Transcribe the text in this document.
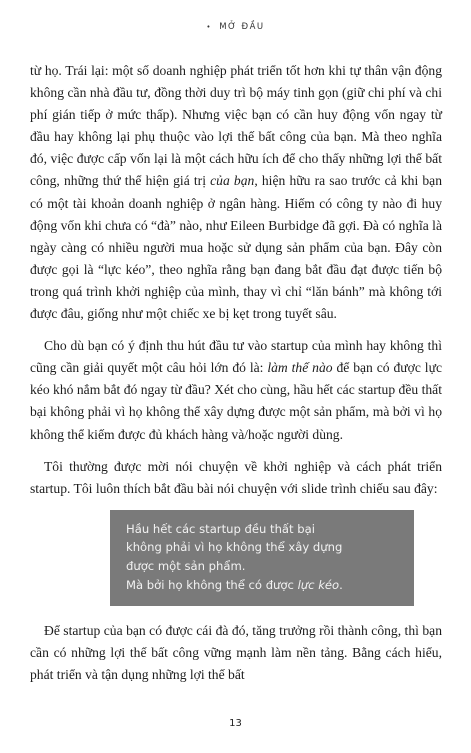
• MỞ ĐẦU

từ họ. Trái lại: một số doanh nghiệp phát triển tốt hơn khi tự thân vận động không cần nhà đầu tư, đồng thời duy trì bộ máy tinh gọn (giữ chi phí và chi phí gián tiếp ở mức thấp). Nhưng việc bạn có cần huy động vốn ngay từ đầu hay không lại phụ thuộc vào lợi thế bất công của bạn. Mà theo nghĩa đó, việc được cấp vốn lại là một cách hữu ích để cho thấy những lợi thế bất công, những thứ thể hiện giá trị của bạn, hiện hữu ra sao trước cả khi bạn có một tài khoản doanh nghiệp ở ngân hàng. Hiếm có công ty nào đi huy động vốn khi chưa có “đà” nào, như Eileen Burbidge đã gợi. Đà có nghĩa là ngày càng có nhiều người mua hoặc sử dụng sản phẩm của bạn. Đây còn được gọi là “lực kéo”, theo nghĩa rằng bạn đang bắt đầu đạt được tiến bộ trong quá trình khởi nghiệp của mình, thay vì chỉ “lăn bánh” mà không tới được đâu, giống như một chiếc xe bị kẹt trong tuyết sâu.

Cho dù bạn có ý định thu hút đầu tư vào startup của mình hay không thì cũng cần giải quyết một câu hỏi lớn đó là: làm thế nào để bạn có được lực kéo khó nắm bắt đó ngay từ đầu? Xét cho cùng, hầu hết các startup đều thất bại không phải vì họ không thể xây dựng được một sản phẩm, mà bởi vì họ không thể kiếm được đủ khách hàng và/hoặc người dùng.

Tôi thường được mời nói chuyện về khởi nghiệp và cách phát triển startup. Tôi luôn thích bắt đầu bài nói chuyện với slide trình chiếu sau đây:

Hầu hết các startup đều thất bại

không phải vì họ không thể xây dựng

được một sản phẩm.

Mà bởi họ không thể có được lực kéo.

Để startup của bạn có được cái đà đó, tăng trưởng rồi thành công, thì bạn cần có những lợi thế bất công vững mạnh làm nền tảng. Bằng cách hiểu, phát triển và tận dụng những lợi thế bất

13
